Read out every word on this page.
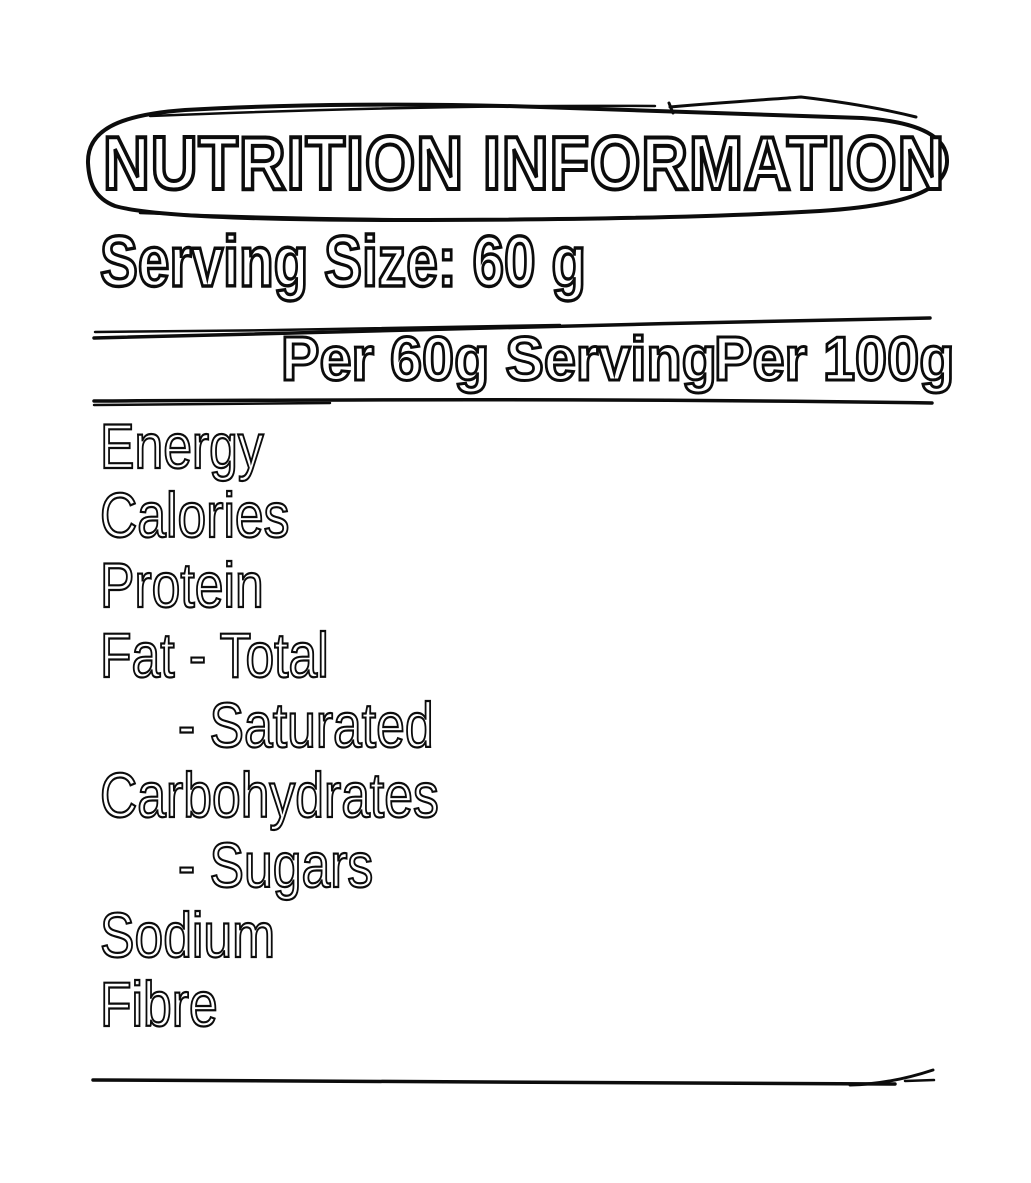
NUTRITION INFORMATION
Serving Size: 60 g
Per 60g Serving
Per 100g
Energy
Calories
Protein
Fat - Total
- Saturated
Carbohydrates
- Sugars
Sodium
Fibre
